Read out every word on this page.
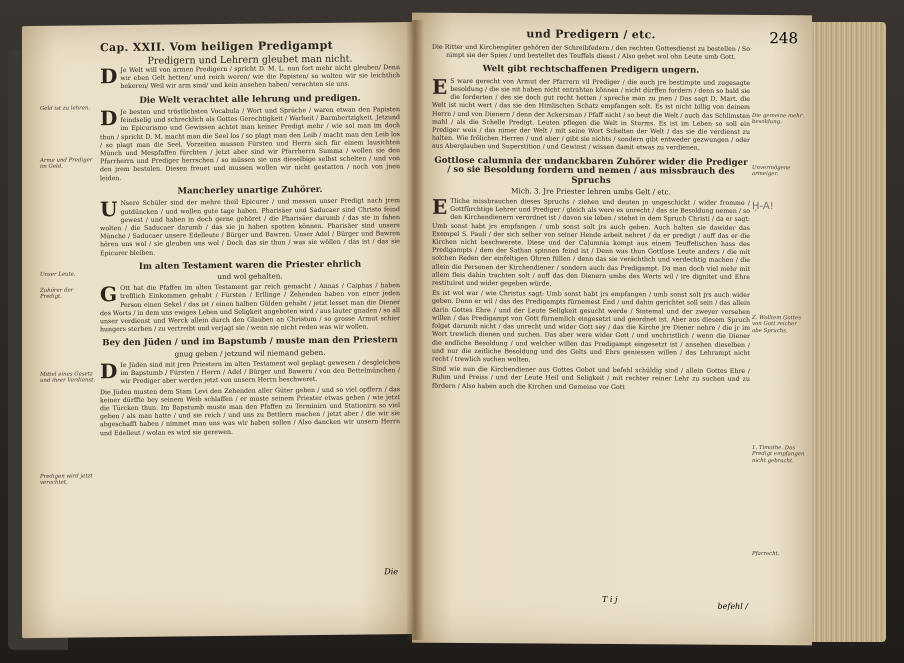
Cap. XXII. Vom heiligen Predigampt
Predigern und Lehrern gleubet man nicht.

D Je Welt will von armen Predigern / spricht D. M. L. nun fort mehr nicht gleuben/ Denn wir eben Gelt hetten/ und reich weren/ wie die Papisten/ so wolten wir sie leichtlich bekeren/ Weil wir arm sind/ und kein ansehen haben/ verachten sie uns.

Die Welt verachtet alle lehrung und predigen.

D Je besten und tröstlichsten Vocabula / Wort und Sprüche / waren etwan den Papisten feindselig und schrecklich als Gottes Gerechtigkeit / Warheit / Barmhertzigkeit. Jetzund im Epicurismo und Gewissen achtet man keiner Predigt mehr / wie sol man im doch thun / spricht D. M. macht man die Seel los / so plagt man den Leib / macht man den Leib los / so plagt man die Seel. Vorzeiten mussen Fürsten und Herrn sich für einem lausichten Münch und Mespfaffen fürchten / jetzt aber sind wir Pfarrherrn Summa / wollen sie den Pfarrherrn und Prediger herrschen / so müssen sie uns dieselbige selbst schelten / und von den jrem bestolen. Diesen freuet und mussen wollen wir nicht gestatten / noch von jnen leiden.

Mancherley unartige Zuhörer.

U Nsere Schüler sind der mehre theil Epicurer / und messen unser Predigt nach jrem gutdüncken / und wollen gute tage haben. Pharisäer und Saducaer sind Christo feind gewest / und haben in doch gerne gehöret / die Pharisäer darumb / das sie in fahen wolten / die Saducaer darumb / das sie jn haben spotten können. Pharisäer sind unsere Münche / Saducaer unsere Edelleute / Bürger und Bawren. Unser Adel / Bürger und Bawren hören uns wol / sie gleuben uns wol / Doch das sie thun / was sie wöllen / das ist / das sie Epicurer bleiben.

Im alten Testament waren die Priester ehrlich
und wol gehalten.

G Ott hat die Pfaffen im alten Testament gar reich gemacht / Annas / Caiphas / haben trefflich Einkommen gehabt / Fürsten / Erllinge / Zehenden haben von einer jeden Person einen Sekel / das ist / einen halben Gülden gehabt / jetzt lesset man die Diener des Worts / in dem uns ewiges Leben und Seligkeit angeboten wird / aus lauter gnaden / so all unser verdienst und Werck allein durch den Glauben an Christum / so grosse Armut schier hungers sterben / zu vertreibt und verjagt sie / wenn sie nicht reden was wir wollen.

Bey den Jüden / und im Bapstumb / muste man den Priestern
gnug geben / jetzund wil niemand geben.

D Ie Jüden sind mit jren Priestern im alten Testament wol geplagt gewesen / desgleichen im Bapstumb / Fürsten / Herrn / Adel / Bürger und Bawern / von den Bettelmünchen / wir Prediger aber werden jetzt von unsern Herrn beschweret.

Die Jüden musten dem Stam Levi den Zehenden aller Güter geben / und so viel opffern / das keiner dürffte bey seinem Weib schlaffen / er muste seinem Priester etwas geben / wie jetzt die Türcken thun. Im Bapstumb muste man den Pfaffen zu Terminirn und Stationirn so viel geben / als man hatte / und sie reich / und uns zu Bettlern machen / jetzt aber / die wir sie abgeschafft haben / nimmet man uns was wir haben sollen / Also dancken wir unsern Herrn und Edelleut / wolan es wird sie gerewen.

Geld ist zu lehren.
Arme und Prediger im Geld.
Unser Leute.
Zuhörer der Predigt.
Mittel eines Gesetz und ihrer Verdienst.
Predigen wird jetzt verachtet.
Die
248
und Predigern / etc.

Die Ritter und Kirchengüter gehören der Schreibfedern / den rechten Gottesdienst zu bestellen / So nimpt sie der Spies / und bestellet des Teuffels dienst / Also gehet wol ohn Leute umb Gott.

Welt gibt rechtschaffenen Predigern ungern.

E S ware gerecht von Armut der Pfarrern vil Prediger / die auch jre bestimpte und zugesagte besoldung / die sie nit haben nicht entrahten können / nicht dürffen fordern / denn so bald sie die forderten / des sie doch gut recht hetten / spreche man zu jnen / Das sagt D. Mart. die Welt ist nicht wert / das sie den Himlischen Schatz empfangen solt. Es ist nicht billig von deinem Herrn / und von Dienern / denn der Ackersman / Pfaff nicht / so beut die Welt / auch das Schlimsten mahl / als die Schelle Predigt. Leuten pflegen die Welt in Sturms. Es ist im Leben so soll ein Prediger weis / das nimer der Welt / mit seine Wort Schelten der Welt / das sie die verdienst zu halten. Wie frölichen Herren / und aber / gibt sie nichts / sondern gibt entweder gezwungen / oder aus Aberglauben und Superstition / und Gewinst / wissen damit etwas zu verdienen.

Gottlose calumnia der undanckbaren Zuhörer wider die Prediger / so sie Besoldung fordern und nemen / aus missbrauch des Spruchs
Mich. 3. Jre Priester lehren umbs Gelt / etc.

E Tliche missbrauchen dieses Spruchs / ziehen und deuten jn ungeschickt / wider fromme / Gottfürchtige Lehrer und Prediger / gleich als were es unrecht / das sie Besoldung nemen / so den Kirchendienern verordnet ist / davon sie leben / stehet in dem Spruch Christi / da er sagt: Umb sonst habt jrs empfangen / umb sonst solt jrs auch geben. Auch halten sie dawider das Exempel S. Pauli / der sich selber von seiner Hende arbeit nehret / da er predigt / auff das er die Kirchen nicht beschwerete. Diese und der Calumnia kompt aus einem Teuffelischen hass des Predigampts / dem der Sathan spinnen feind ist / Denn was thun Gottlose Leute anders / die mit solchen Reden der einfeltigen Ohren füllen / denn das sie verächtlich und verdechtig machen / die allein die Personen der Kirchendiener / sondern auch das Predigampt. Da man doch viel mehr mit allem fleis dahin trachten solt / auff das den Dienern umbs des Worts wil / ire dignitet und Ehre restituiret und wider gegeben würde.

Es ist wol war / wie Christus sagt: Umb sonst habt jrs empfangen / umb sonst solt jrs auch wider geben. Denn er wil / das des Predigampts fürnemest End / und dahin gerichtet soll sein / das allein darin Gottes Ehre / und der Leute Seligkeit gesucht werde / Sintemal und der zweyer versehen willen / das Predigampt von Gott fürnemlich eingesetzt und geordnet ist. Aber aus diesem Spruch folget darumb nicht / das unrecht und wider Gott sey / das die Kirche jre Diener nehre / die jr im Wort trewlich dienen und suchen. Das aber were wider Gott / und unchristlich / wenn die Diener die endliche Besoldung / und welcher willen das Predigampt eingesetzt ist / ansehen dieselben / und nur die zeitliche Besoldung und des Gelts und Ehrs geniessen willen / das Lehrampt nicht recht / trewlich suchen wolten.

Sind wie nun die Kirchendiener aus Gottes Gebot und befehl schüldig sind / allein Gottes Ehre / Ruhm und Preiss / und der Leute Heil und Seligkeit / mit rechter reiner Lehr zu suchen und zu fördern / Also haben auch die Kirchen und Gemeine vor Gott

Die gemeine mehr besoldung.
Unvermögene armeiger.
Z. Wolltem Gottes von Gott reicher abe Spruchs.
1. Timothe. Das Predigt empfangen nicht gebracht.
Pfarrecht.
Ḥ-A!
T i j
befehl /
